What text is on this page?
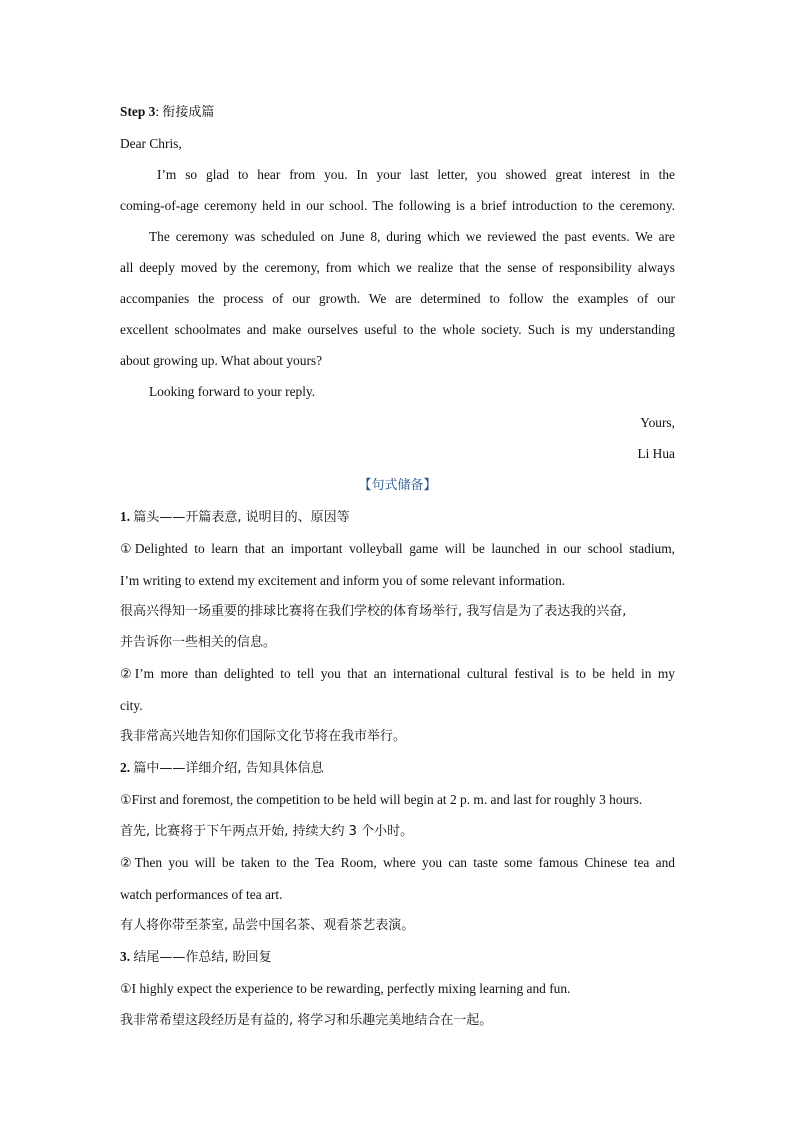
Step 3: 衔接成篇

Dear Chris,

I’m so glad to hear from you. In your last letter, you showed great interest in the

coming-of-age ceremony held in our school. The following is a brief introduction to the ceremony.

The ceremony was scheduled on June 8, during which we reviewed the past events. We are

all deeply moved by the ceremony, from which we realize that the sense of responsibility always

accompanies the process of our growth. We are determined to follow the examples of our

excellent schoolmates and make ourselves useful to the whole society. Such is my understanding

about growing up. What about yours?

Looking forward to your reply.

Yours,

Li Hua

【句式储备】

1. 篇头——开篇表意, 说明目的、原因等

①Delighted to learn that an important volleyball game will be launched in our school stadium,

I’m writing to extend my excitement and inform you of some relevant information.

很高兴得知一场重要的排球比赛将在我们学校的体育场举行, 我写信是为了表达我的兴奋,

并告诉你一些相关的信息。

②I’m more than delighted to tell you that an international cultural festival is to be held in my

city.

我非常高兴地告知你们国际文化节将在我市举行。

2. 篇中——详细介绍, 告知具体信息

①First and foremost, the competition to be held will begin at 2 p. m. and last for roughly 3 hours.

首先, 比赛将于下午两点开始, 持续大约 3 个小时。

②Then you will be taken to the Tea Room, where you can taste some famous Chinese tea and

watch performances of tea art.

有人将你带至茶室, 品尝中国名茶、观看茶艺表演。

3. 结尾——作总结, 盼回复

①I highly expect the experience to be rewarding, perfectly mixing learning and fun.

我非常希望这段经历是有益的, 将学习和乐趣完美地结合在一起。
